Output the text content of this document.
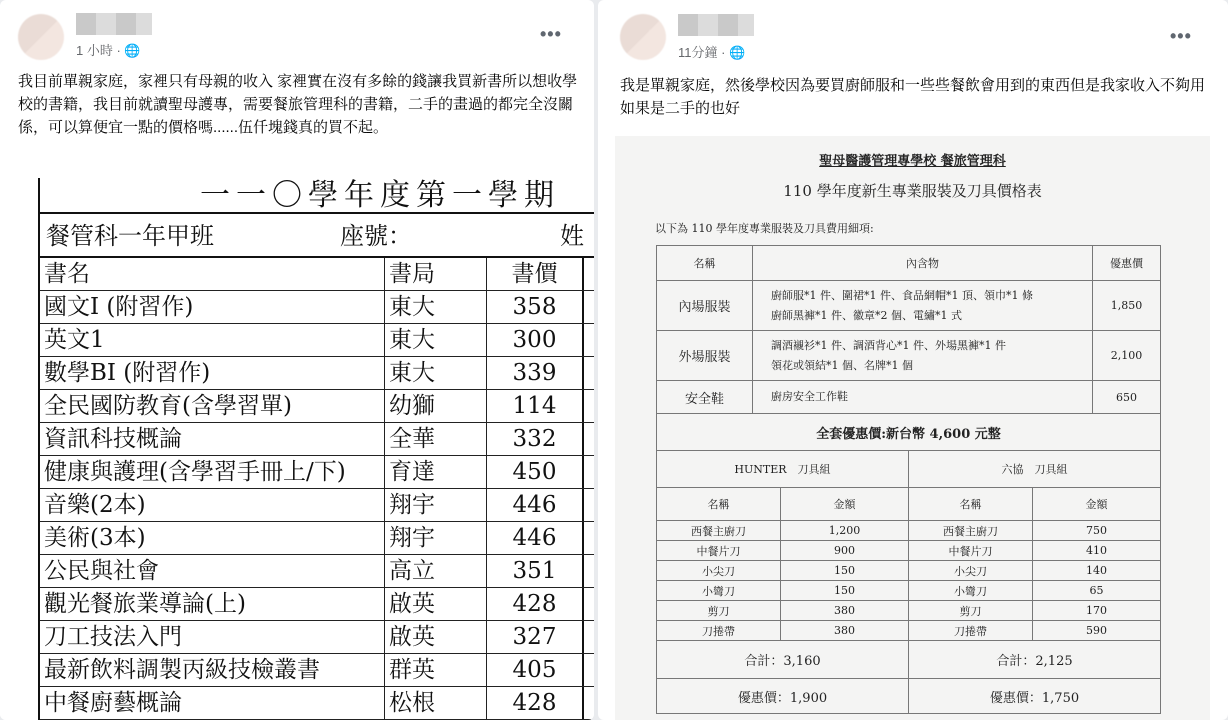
1 小時 · 🌐
•••
我目前單親家庭，家裡只有母親的收入 家裡實在沒有多餘的錢讓我買新書所以想收學校的書籍，我目前就讀聖母護專，需要餐旅管理科的書籍，二手的畫過的都完全沒關係，可以算便宜一點的價格嗎......伍仟塊錢真的買不起。
一一〇學年度第一學期
餐管科一年甲班	座號：	姓
書名	書局	書價
國文Ⅰ (附習作)	東大	358
英文1	東大	300
數學BI (附習作)	東大	339
全民國防教育(含學習單)	幼獅	114
資訊科技概論	全華	332
健康與護理(含學習手冊上/下)	育達	450
音樂(2本)	翔宇	446
美術(3本)	翔宇	446
公民與社會	高立	351
觀光餐旅業導論(上)	啟英	428
刀工技法入門	啟英	327
最新飲料調製丙級技檢叢書	群英	405
中餐廚藝概論	松根	428
11分鐘 · 🌐
•••
我是單親家庭，然後學校因為要買廚師服和一些些餐飲會用到的東西但是我家收入不夠用如果是二手的也好
聖母醫護管理專學校 餐旅管理科
110 學年度新生專業服裝及刀具價格表
以下為 110 學年度專業服裝及刀具費用細項:
名稱	內含物	優惠價
內場服裝	廚師服*1 件、圍裙*1 件、食品網帽*1 頂、領巾*1 條
廚師黑褲*1 件、徽章*2 個、電繡*1 式	1,850
外場服裝	調酒襯衫*1 件、調酒背心*1 件、外場黑褲*1 件
領花或領結*1 個、名牌*1 個	2,100
安全鞋	廚房安全工作鞋	650
全套優惠價:新台幣 4,600 元整		
HUNTER　刀具組		六協　刀具組	
名稱	金額	名稱	金額
西餐主廚刀	1,200	西餐主廚刀	750
中餐片刀	900	中餐片刀	410
小尖刀	150	小尖刀	140
小彎刀	150	小彎刀	65
剪刀	380	剪刀	170
刀捲帶	380	刀捲帶	590
合計：3,160		合計：2,125	
優惠價：1,900		優惠價：1,750	
